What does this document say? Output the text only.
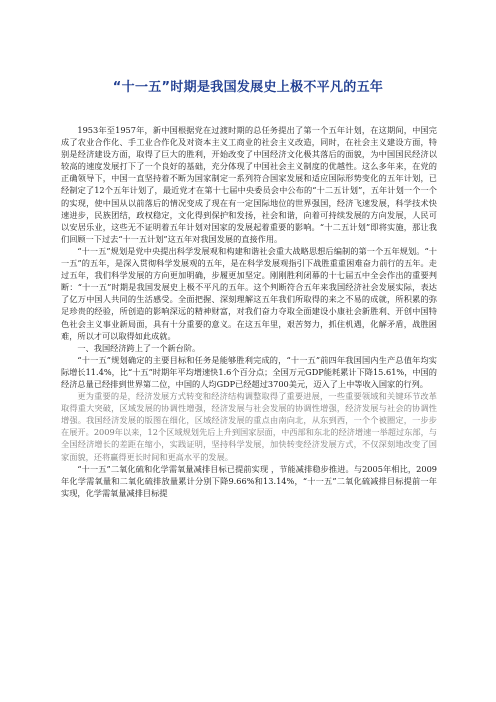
“十一五”时期是我国发展史上极不平凡的五年

1953年至1957年，新中国根据党在过渡时期的总任务提出了第一个五年计划，在这期间，中国完成了农业合作化、手工业合作化及对资本主义工商业的社会主义改造，同时，在社会主义建设方面，特别是经济建设方面，取得了巨大的胜利，开始改变了中国经济文化极其落后的面貌，为中国国民经济以较高的速度发展打下了一个良好的基础，充分体现了中国社会主义制度的优越性。这么多年来，在党的正确领导下，中国一直坚持着不断为国家制定一系列符合国家发展和适应国际形势变化的五年计划，已经制定了12个五年计划了，最近党才在第十七届中央委员会中公布的“十二五计划”，五年计划一个一个的实现，使中国从以前落后的情况变成了现在有一定国际地位的世界强国，经济飞速发展，科学技术快速进步，民族团结，政权稳定，文化得到保护和发扬，社会和谐，向着可持续发展的方向发展，人民可以安居乐业，这些无不证明着五年计划对国家的发展起着重要的影响。“十二五计划”即将实施，那让我们回顾一下过去“十一五计划”这五年对我国发展的直接作用。

“十一五”规划是党中央提出科学发展观和构建和谐社会重大战略思想后编制的第一个五年规划。“十一五”的五年，是深入贯彻科学发展观的五年，是在科学发展观指引下战胜重重困难奋力前行的五年。走过五年，我们科学发展的方向更加明确，步履更加坚定。刚刚胜利闭幕的十七届五中全会作出的重要判断：“十一五”时期是我国发展史上极不平凡的五年。这个判断符合五年来我国经济社会发展实际，表达了亿万中国人共同的生活感受。全面把握、深刻理解这五年我们所取得的来之不易的成就，所积累的弥足珍贵的经验，所创造的影响深远的精神财富，对我们奋力夺取全面建设小康社会新胜利、开创中国特色社会主义事业新局面，具有十分重要的意义。在这五年里，艰苦努力，抓住机遇，化解矛盾，战胜困难，所以才可以取得如此成就。

一、我国经济跨上了一个新台阶。

“十一五”规划确定的主要目标和任务是能够胜利完成的，“十一五”前四年我国国内生产总值年均实际增长11.4%，比“十五”时期年平均增速快1.6个百分点；全国万元GDP能耗累计下降15.61%，中国的经济总量已经排到世界第二位，中国的人均GDP已经超过3700美元，迈入了上中等收入国家的行列。

更为重要的是，经济发展方式转变和经济结构调整取得了重要进展，一些重要领域和关键环节改革取得重大突破，区域发展的协调性增强，经济发展与社会发展的协调性增强，经济发展与社会的协调性增强。我国经济发展的版图在细化，区域经济发展的重点由南向北，从东到西，一个个被圈定，一步步在展开。2009年以来，12个区域规划先后上升到国家层面，中西部和东北的经济增速一举超过东部，与全国经济增长的差距在缩小，实践证明，坚持科学发展，加快转变经济发展方式，不仅深刻地改变了国家面貌，还将赢得更长时间和更高水平的发展。

“十一五”二氧化硫和化学需氧量减排目标已提前实现 ，节能减排稳步推进。与2005年相比，2009年化学需氧量和二氧化硫排放量累计分别下降9.66%和13.14%，“十一五”二氧化硫减排目标提前一年实现，化学需氧量减排目标提
